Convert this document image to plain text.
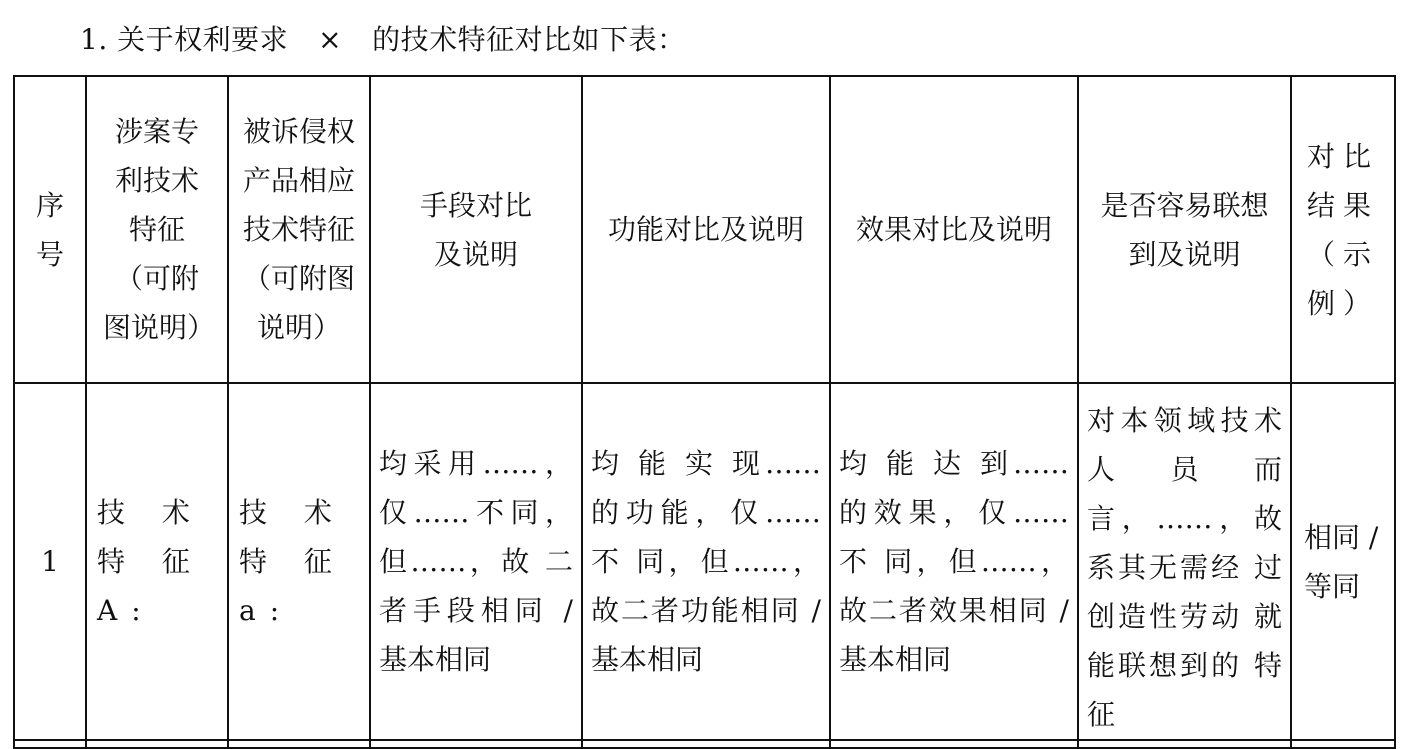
1. 关于权利要求 × 的技术特征对比如下表：
序号	涉案专利技术特征（可附图说明）	被诉侵权产品相应技术特征（可附图说明）	手段对比及说明	功能对比及说明	效果对比及说明	是否容易联想到及说明	对比结果（示例）
1	技 术 特 征 A:	技 术 特 征 a:	均采用……，仅……不同，但……，故 二者手段相同 / 基本相同	均 能 实 现…… 的功能，仅…… 不 同，但……，故二者功能相同 / 基本相同	均 能 达 到…… 的效果，仅…… 不 同，但……，故二者效果相同 / 基本相同	对本领域技术 人员而言，……，故系其无需经 过创造性劳动 就能联想到的 特征	相同 / 等同
